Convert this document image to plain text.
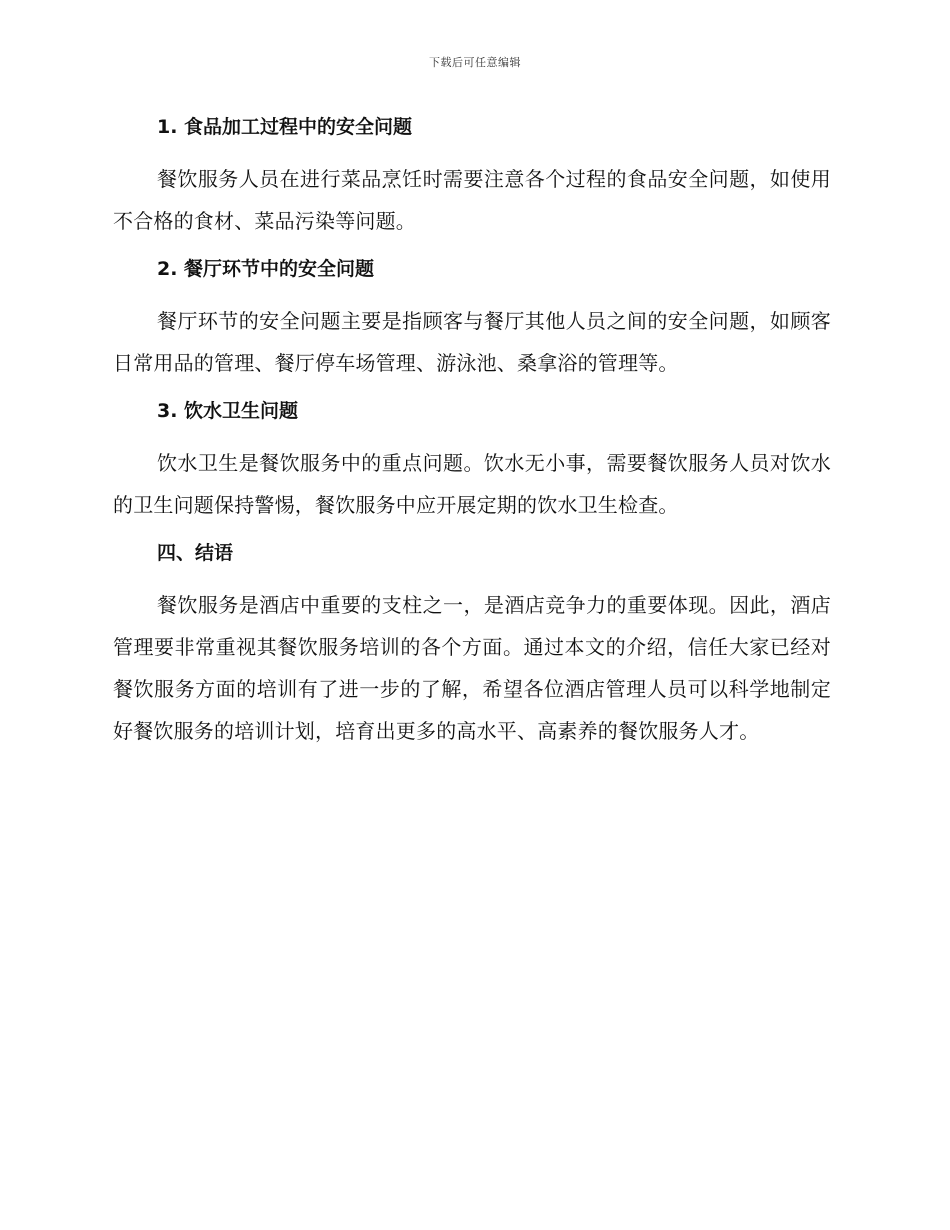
下载后可任意编辑
1. 食品加工过程中的安全问题

餐饮服务人员在进行菜品烹饪时需要注意各个过程的食品安全问题，如使用不合格的食材、菜品污染等问题。

2. 餐厅环节中的安全问题

餐厅环节的安全问题主要是指顾客与餐厅其他人员之间的安全问题，如顾客日常用品的管理、餐厅停车场管理、游泳池、桑拿浴的管理等。

3. 饮水卫生问题

饮水卫生是餐饮服务中的重点问题。饮水无小事，需要餐饮服务人员对饮水的卫生问题保持警惕，餐饮服务中应开展定期的饮水卫生检查。

四、结语

餐饮服务是酒店中重要的支柱之一，是酒店竞争力的重要体现。因此，酒店管理要非常重视其餐饮服务培训的各个方面。通过本文的介绍，信任大家已经对餐饮服务方面的培训有了进一步的了解，希望各位酒店管理人员可以科学地制定好餐饮服务的培训计划，培育出更多的高水平、高素养的餐饮服务人才。
